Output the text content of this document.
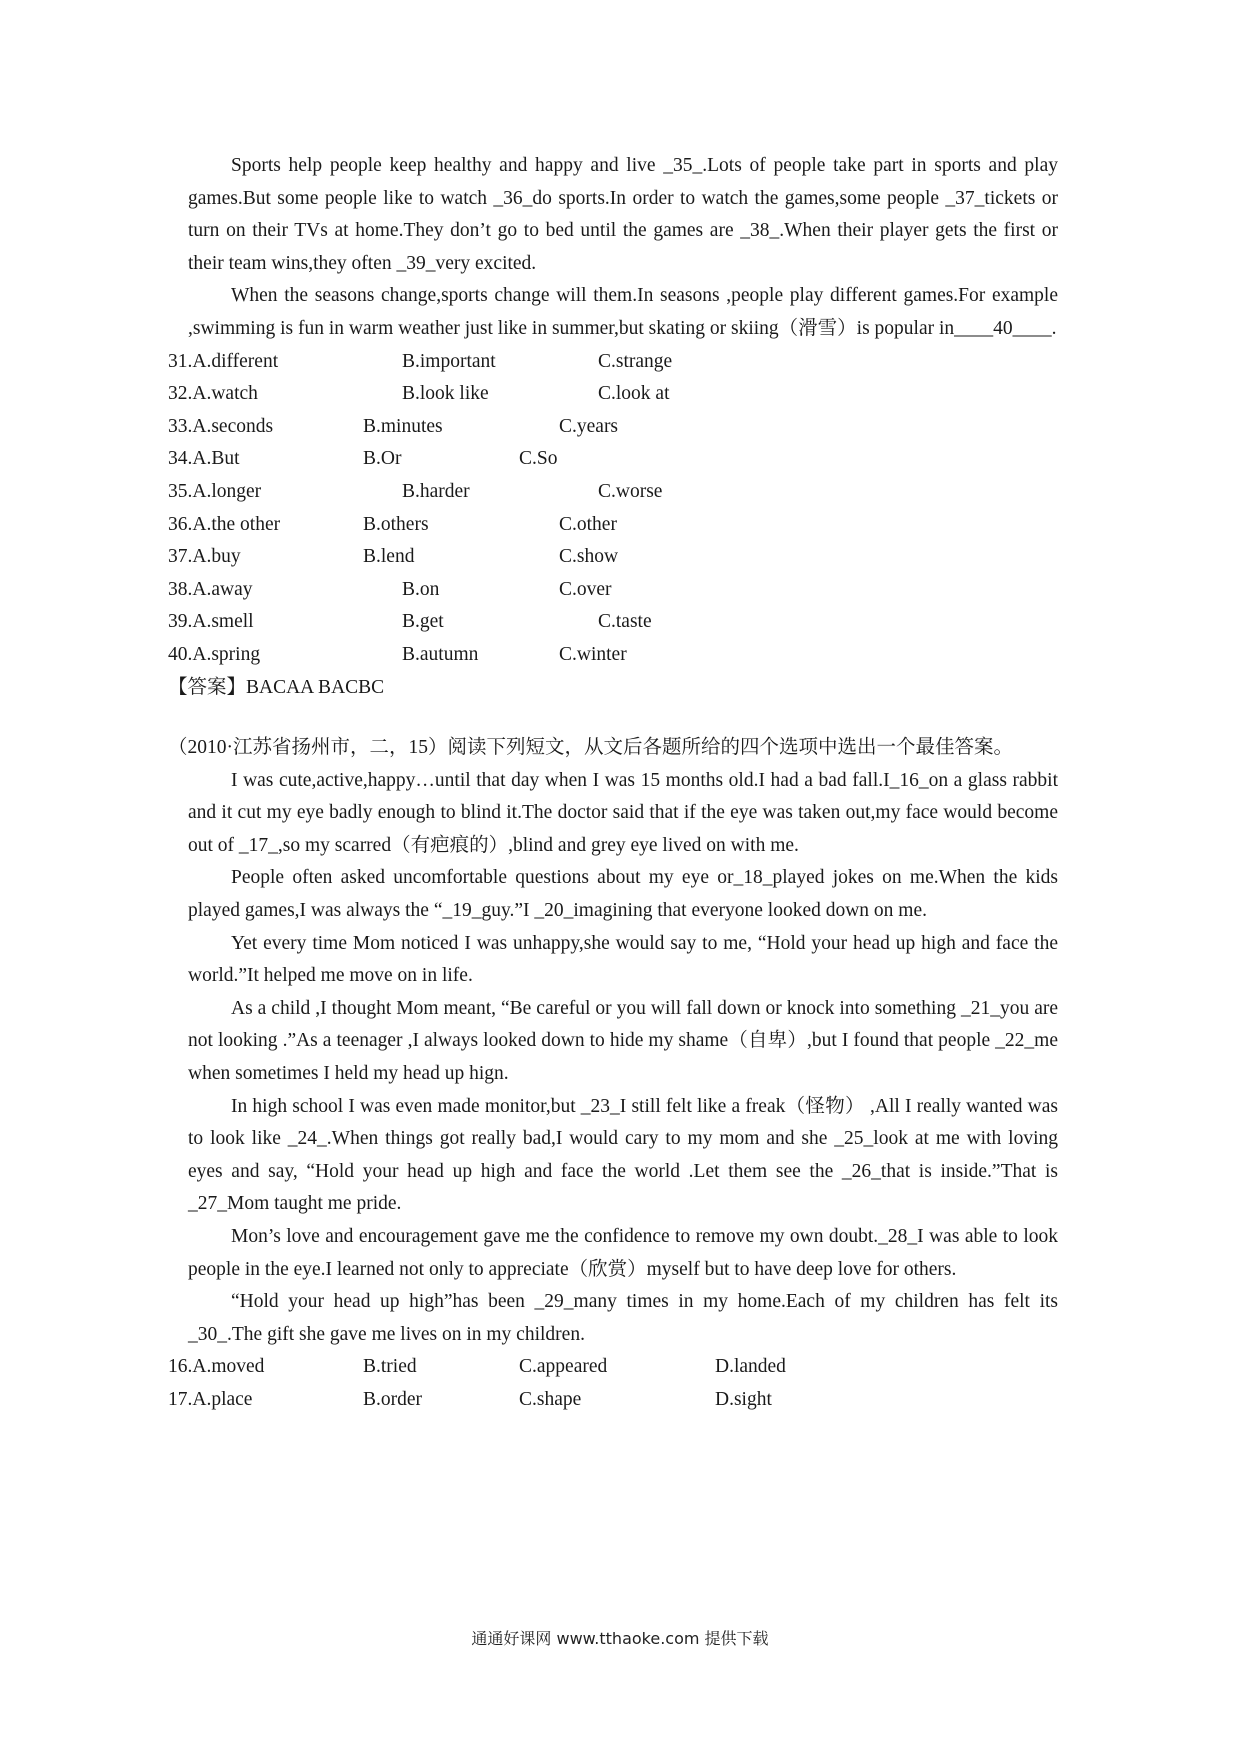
Sports help people keep healthy and happy and live _35_.Lots of people take part in sports and play games.But some people like to watch _36_do sports.In order to watch the games,some people _37_tickets or turn on their TVs at home.They don’t go to bed until the games are _38_.When their player gets the first or their team wins,they often _39_very excited.

When the seasons change,sports change will them.In seasons ,people play different games.For example ,swimming is fun in warm weather just like in summer,but skating or skiing（滑雪）is popular in____40____.

31.A.different	B.important	C.strange
32.A.watch	B.look like	C.look at
33.A.seconds	B.minutes	C.years
34.A.But	B.Or	C.So
35.A.longer	B.harder	C.worse
36.A.the other	B.others	C.other
37.A.buy	B.lend	C.show
38.A.away	B.on	C.over
39.A.smell	B.get	C.taste
40.A.spring	B.autumn	C.winter

【答案】BACAA BACBC

（2010·江苏省扬州市，二，15）阅读下列短文，从文后各题所给的四个选项中选出一个最佳答案。

I was cute,active,happy…until that day when I was 15 months old.I had a bad fall.I_16_on a glass rabbit and it cut my eye badly enough to blind it.The doctor said that if the eye was taken out,my face would become out of _17_,so my scarred（有疤痕的）,blind and grey eye lived on with me.

People often asked uncomfortable questions about my eye or_18_played jokes on me.When the kids played games,I was always the “_19_guy.”I _20_imagining that everyone looked down on me.

Yet every time Mom noticed I was unhappy,she would say to me, “Hold your head up high and face the world.”It helped me move on in life.

As a child ,I thought Mom meant, “Be careful or you will fall down or knock into something _21_you are not looking .”As a teenager ,I always looked down to hide my shame（自卑）,but I found that people _22_me when sometimes I held my head up hign.

In high school I was even made monitor,but _23_I still felt like a freak（怪物） ,All I really wanted was to look like _24_.When things got really bad,I would cary to my mom and she _25_look at me with loving eyes and say, “Hold your head up high and face the world .Let them see the _26_that is inside.”That is _27_Mom taught me pride.

Mon’s love and encouragement gave me the confidence to remove my own doubt._28_I was able to look people in the eye.I learned not only to appreciate（欣赏）myself but to have deep love for others.

“Hold your head up high”has been _29_many times in my home.Each of my children has felt its _30_.The gift she gave me lives on in my children.

16.A.moved	B.tried	C.appeared	D.landed
17.A.place	B.order	C.shape	D.sight
通通好课网 www.tthaoke.com 提供下载
